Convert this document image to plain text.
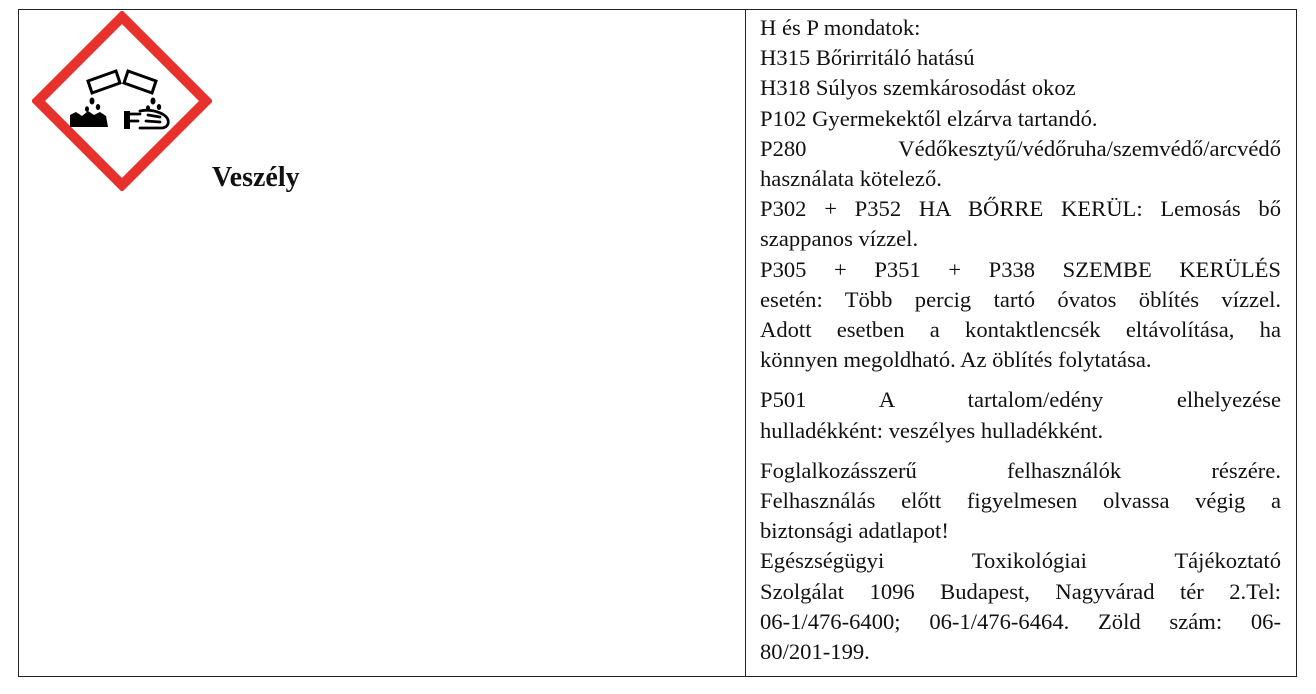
Veszély

H és P mondatok:
H315 Bőrirritáló hatású
H318 Súlyos szemkárosodást okoz
P102 Gyermekektől elzárva tartandó.
P280 Védőkesztyű/védőruha/szemvédő/arcvédő
használata kötelező.
P302 + P352 HA BŐRRE KERÜL: Lemosás bő
szappanos vízzel.
P305 + P351 + P338 SZEMBE KERÜLÉS
esetén: Több percig tartó óvatos öblítés vízzel.
Adott esetben a kontaktlencsék eltávolítása, ha
könnyen megoldható. Az öblítés folytatása.

P501 A tartalom/edény elhelyezése
hulladékként: veszélyes hulladékként.

Foglalkozásszerű felhasználók részére.
Felhasználás előtt figyelmesen olvassa végig a
biztonsági adatlapot!
Egészségügyi Toxikológiai Tájékoztató
Szolgálat 1096 Budapest, Nagyvárad tér 2.Tel:
06-1/476-6400; 06-1/476-6464. Zöld szám: 06-
80/201-199.
